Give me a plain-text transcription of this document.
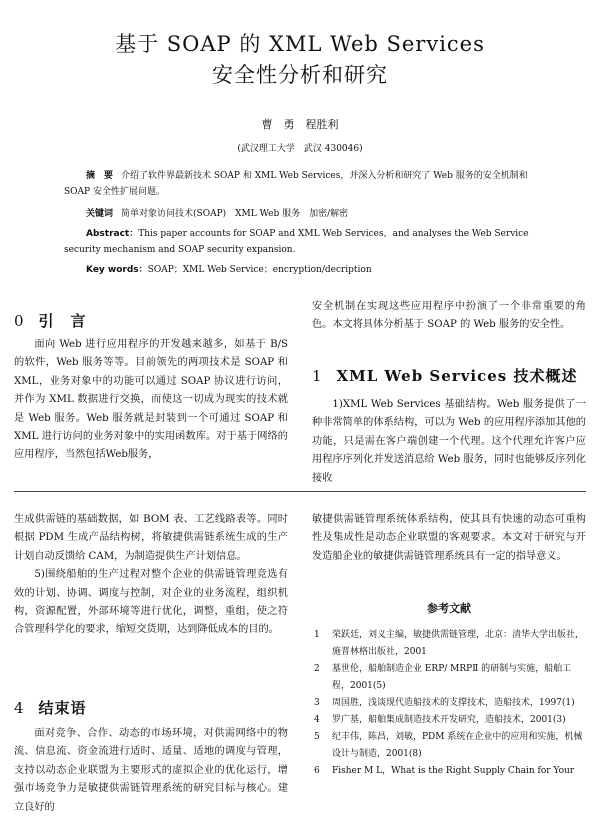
基于 SOAP 的 XML Web Services
安全性分析和研究
曹　勇　程胜利
(武汉理工大学　武汉 430046)
摘　要 介绍了软件界最新技术 SOAP 和 XML Web Services，并深入分析和研究了 Web 服务的安全机制和 SOAP 安全性扩展问题。
关键词 简单对象访问技术(SOAP)　XML Web 服务　加密/解密
Abstract：This paper accounts for SOAP and XML Web Services，and analyses the Web Service security mechanism and SOAP security expansion.
Key words：SOAP；XML Web Service；encryption/decription
0 引　言

面向 Web 进行应用程序的开发越来越多，如基于 B/S 的软件，Web 服务等等。目前领先的两项技术是 SOAP 和 XML，业务对象中的功能可以通过 SOAP 协议进行访问，并作为 XML 数据进行交换，而使这一切成为现实的技术就是 Web 服务。Web 服务就是封装到一个可通过 SOAP 和 XML 进行访问的业务对象中的实用函数库。对于基于网络的应用程序，当然包括Web服务，

安全机制在实现这些应用程序中扮演了一个非常重要的角色。本文将具体分析基于 SOAP 的 Web 服务的安全性。

1 XML Web Services 技术概述

1)XML Web Services 基础结构。Web 服务提供了一种非常简单的体系结构，可以为 Web 的应用程序添加其他的功能，只是需在客户端创建一个代理。这个代理允许客户应用程序序列化并发送消息给 Web 服务，同时也能够反序列化接收

生成供需链的基础数据，如 BOM 表、工艺线路表等。同时根据 PDM 生成产品结构树，将敏捷供需链系统生成的生产计划自动反馈给 CAM，为制造提供生产计划信息。

5)围绕船舶的生产过程对整个企业的供需链管理竞选有效的计划、协调、调度与控制，对企业的业务流程，组织机构，资源配置，外部环境等进行优化，调整，重组，使之符合管理科学化的要求，缩短交货期，达到降低成本的目的。

4 结束语

面对竞争、合作、动态的市场环境，对供需网络中的物流、信息流、资金流进行适时、适量、适地的调度与管理，支持以动态企业联盟为主要形式的虚拟企业的优化运行，增强市场竞争力是敏捷供需链管理系统的研究目标与核心。建立良好的

敏捷供需链管理系统体系结构，使其具有快速的动态可重构性及集成性是动态企业联盟的客观要求。本文对于研究与开发造船企业的敏捷供需链管理系统具有一定的指导意义。

参考文献
1	荣跃廷，刘义主编，敏捷供需链管理，北京：清华大学出版社，施普林格出版社，2001
2	墓世伦，船舶制造企业 ERP/ MRPⅡ 的研制与实施，船舶工程，2001(5)
3	周国胜，浅谈现代造船技术的支撑技术，造船技术，1997(1)
4	罗广基，船舶集成制造技术开发研究，造船技术，2001(3)
5	纪丰伟，陈昌，刘敏，PDM 系统在企业中的应用和实施，机械设计与制造，2001(8)
6	Fisher M L，What is the Right Supply Chain for Your
